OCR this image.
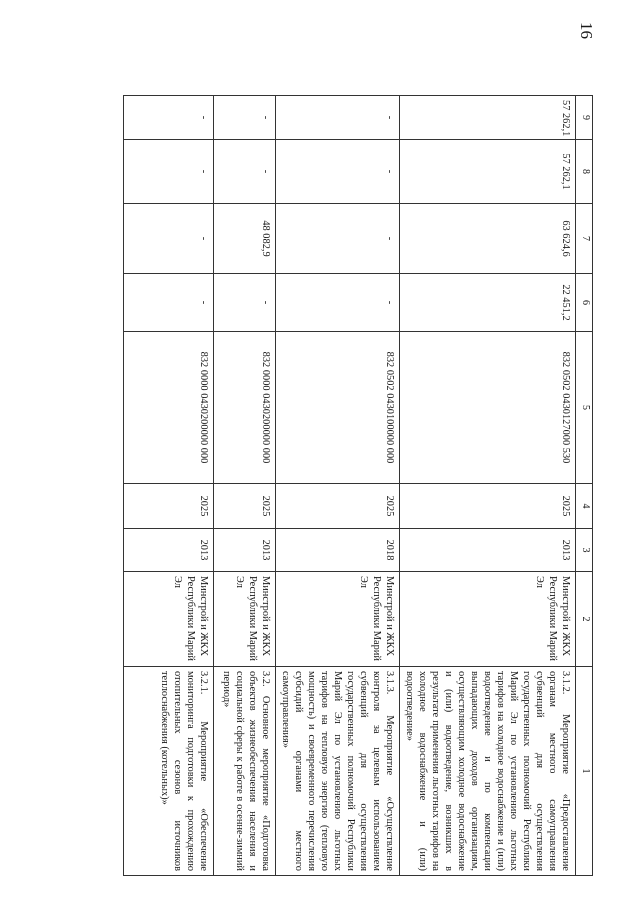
16
9	8	7	6	5	4	3	2	1
57 262,1	57 262,1	63 624,6	22 451,2	832 0502 0430127000 530	2025	2013	Минстрой и ЖКХ Республики Марий Эл	3.1.2. Мероприятие «Предоставление органам местного самоуправления субвенций для осуществления государственных полномочий Республики Марий Эл по установлению льготных тарифов на холодное водоснабжение и (или) водоотведение и по компенсации выпадающих доходов организациям, осуществляющим холодное водоснабжение и (или) водоотведение, возникших в результате применения льготных тарифов на холодное водоснабжение и (или) водоотведение»
-	-	-	-	832 0502 0430100000 000	2025	2018	Минстрой и ЖКХ Республики Марий Эл	3.1.3. Мероприятие «Осуществление контроля за целевым использованием субвенций для осуществления государственных полномочий Республики Марий Эл по установлению льготных тарифов на тепловую энергию (тепловую мощность) и своевременного перечисления субсидий органами местного самоуправления»
-	-	48 082,9	-	832 0000 0430200000 000	2025	2013	Минстрой и ЖКХ Республики Марий Эл	3.2. Основное мероприятие «Подготовка объектов жизнеобеспечения населения и социальной сферы к работе в осенне-зимний период»
-	-	-	-	832 0000 0430200000 000	2025	2013	Минстрой и ЖКХ Республики Марий Эл	3.2.1. Мероприятие «Обеспечение мониторинга подготовки к прохождению отопительных сезонов источников теплоснабжения (котельных)»
